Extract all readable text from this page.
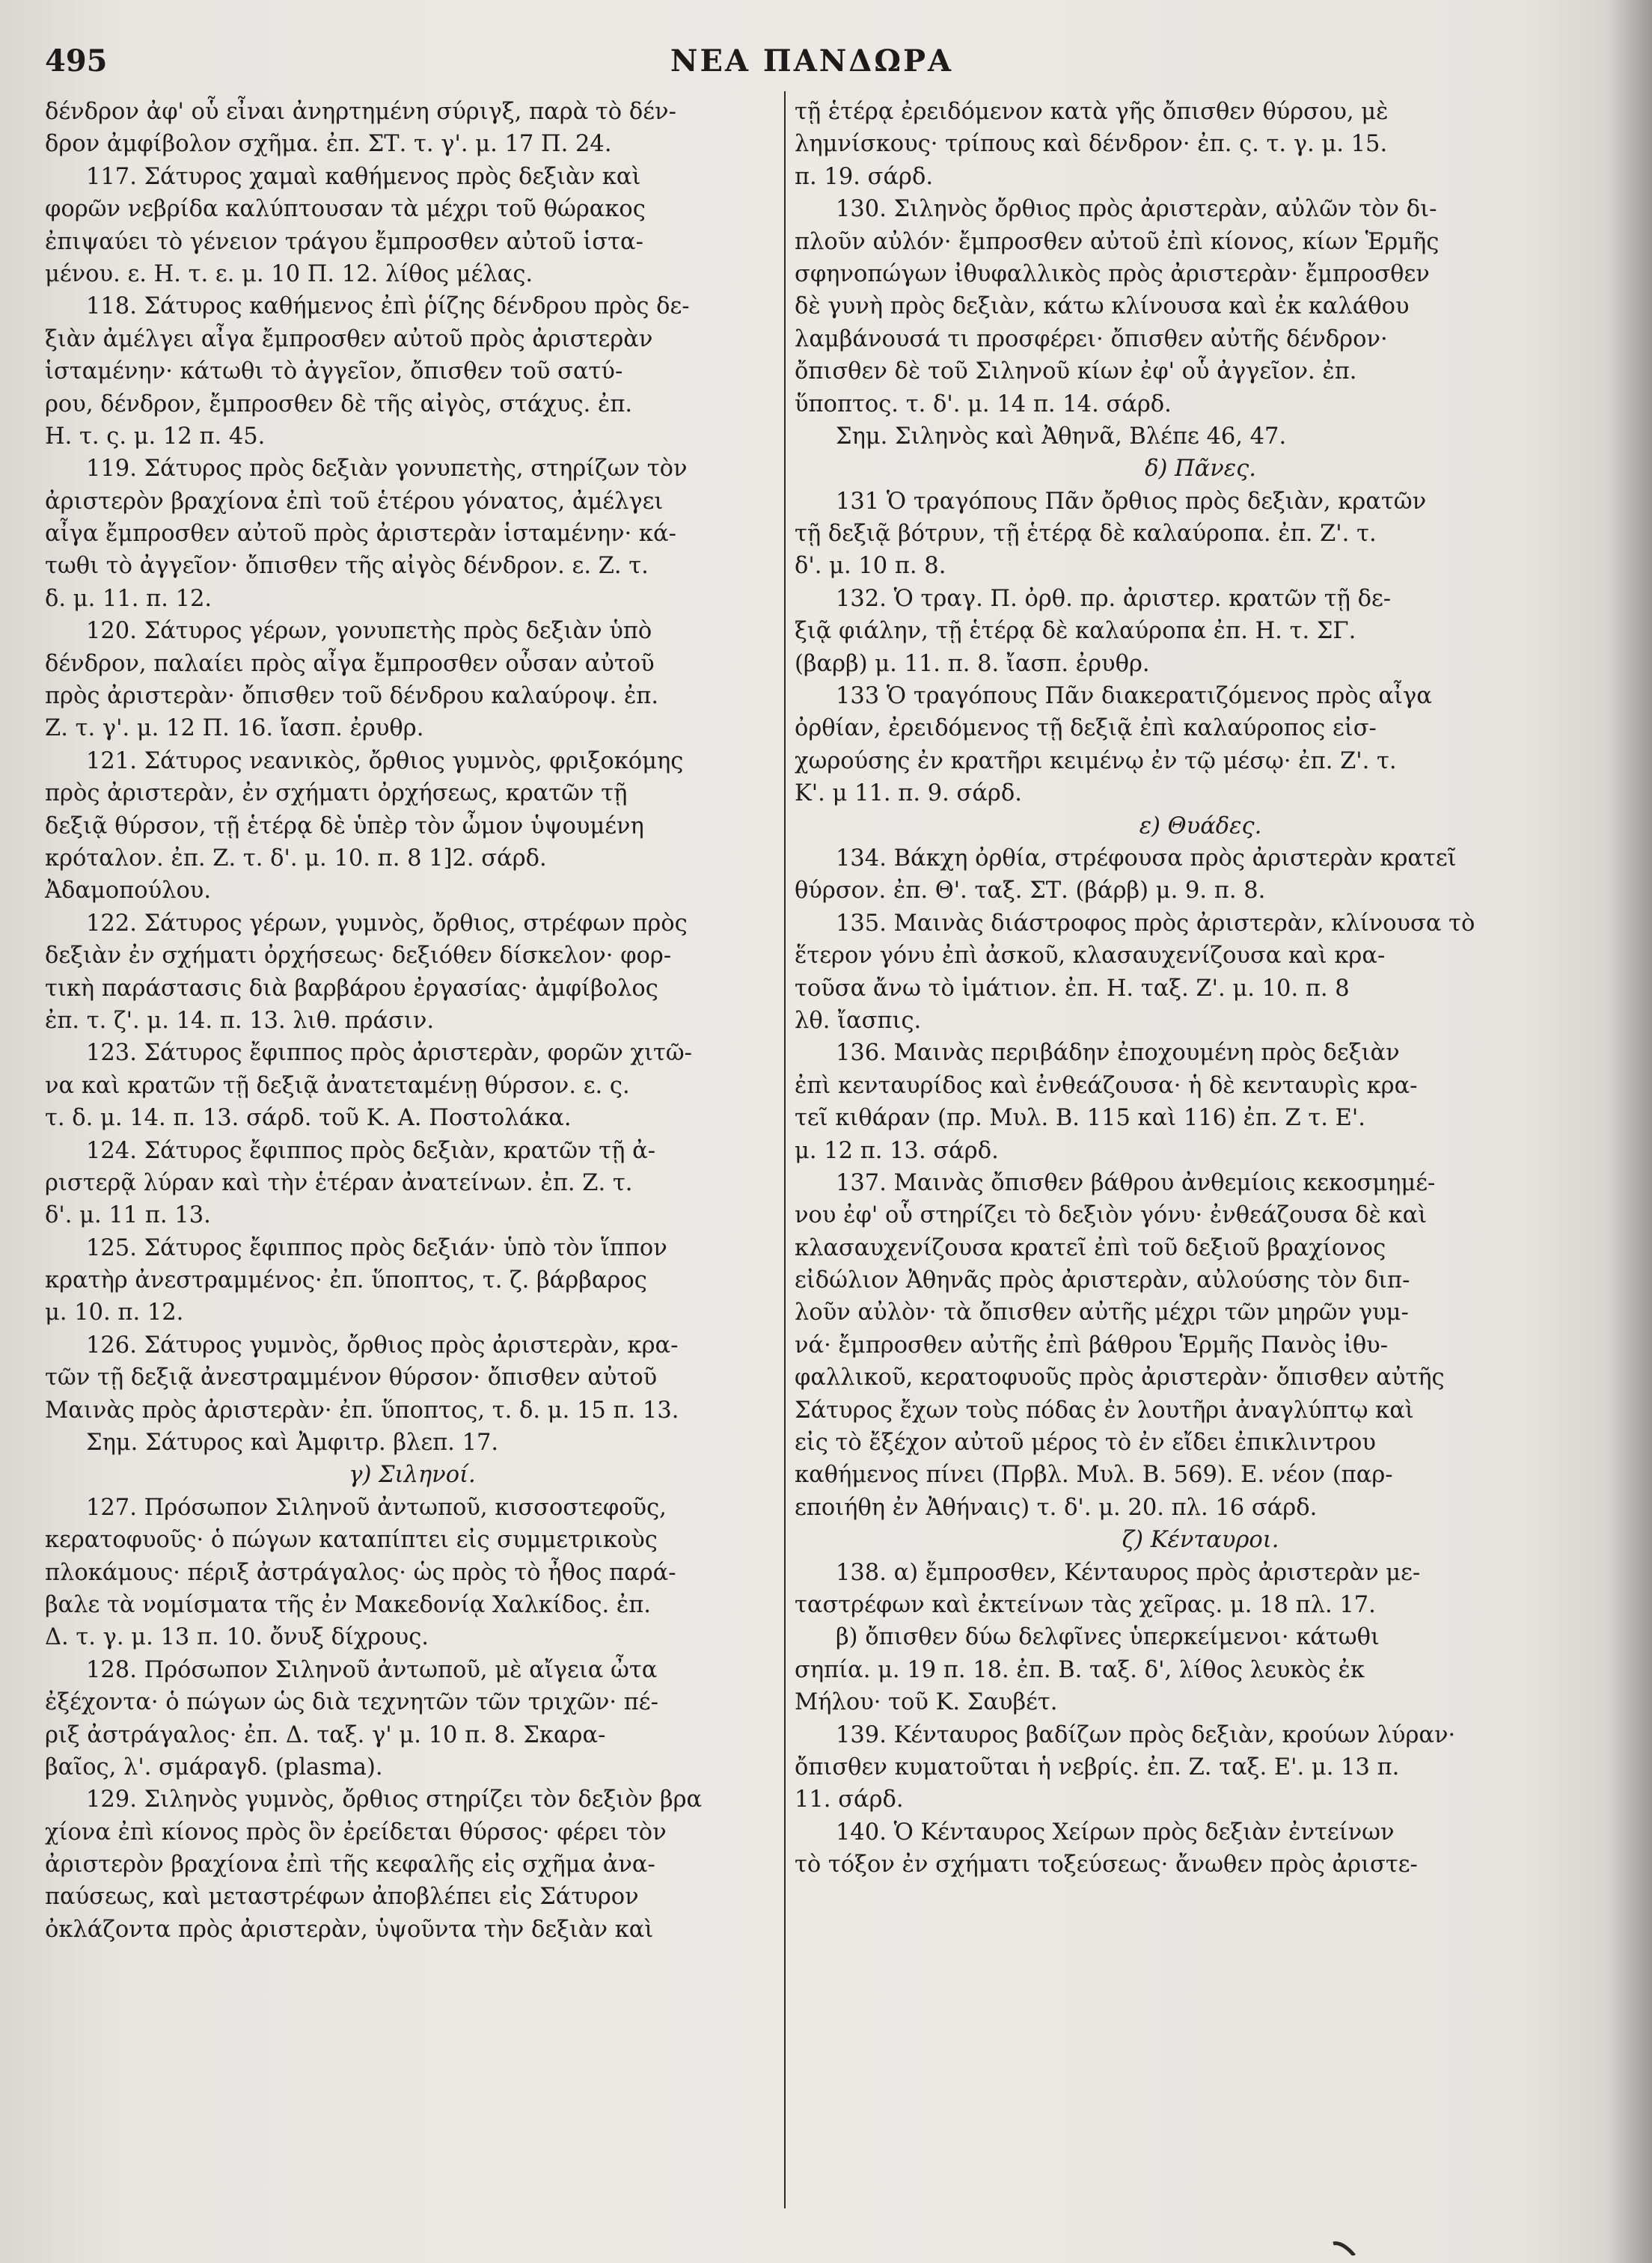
495	ΝΕΑ ΠΑΝΔΩΡΑ
δένδρον ἀφ' οὗ εἶναι ἀνηρτημένη σύριγξ, παρὰ τὸ δέν-
δρον ἀμφίβολον σχῆμα. ἐπ. ΣΤ. τ. γ'. μ. 17 Π. 24.
117. Σάτυρος χαμαὶ καθήμενος πρὸς δεξιὰν καὶ
φορῶν νεβρίδα καλύπτουσαν τὰ μέχρι τοῦ θώρακος
ἐπιψαύει τὸ γένειον τράγου ἔμπροσθεν αὐτοῦ ἱστα-
μένου. ε. Η. τ. ε. μ. 10 Π. 12. λίθος μέλας.
118. Σάτυρος καθήμενος ἐπὶ ῥίζης δένδρου πρὸς δε-
ξιὰν ἀμέλγει αἶγα ἔμπροσθεν αὐτοῦ πρὸς ἀριστερὰν
ἱσταμένην· κάτωθι τὸ ἀγγεῖον, ὄπισθεν τοῦ σατύ-
ρου, δένδρον, ἔμπροσθεν δὲ τῆς αἰγὸς, στάχυς. ἐπ.
Η. τ. ς. μ. 12 π. 45.
119. Σάτυρος πρὸς δεξιὰν γονυπετὴς, στηρίζων τὸν
ἀριστερὸν βραχίονα ἐπὶ τοῦ ἑτέρου γόνατος, ἀμέλγει
αἶγα ἔμπροσθεν αὐτοῦ πρὸς ἀριστερὰν ἱσταμένην· κά-
τωθι τὸ ἀγγεῖον· ὄπισθεν τῆς αἰγὸς δένδρον. ε. Ζ. τ.
δ. μ. 11. π. 12.
120. Σάτυρος γέρων, γονυπετὴς πρὸς δεξιὰν ὑπὸ
δένδρον, παλαίει πρὸς αἶγα ἔμπροσθεν οὖσαν αὐτοῦ
πρὸς ἀριστερὰν· ὄπισθεν τοῦ δένδρου καλαύροψ. ἐπ.
Ζ. τ. γ'. μ. 12 Π. 16. ἴασπ. ἐρυθρ.
121. Σάτυρος νεανικὸς, ὄρθιος γυμνὸς, φριξοκόμης
πρὸς ἀριστερὰν, ἐν σχήματι ὀρχήσεως, κρατῶν τῇ
δεξιᾷ θύρσον, τῇ ἑτέρᾳ δὲ ὑπὲρ τὸν ὦμον ὑψουμένη
κρόταλον. ἐπ. Ζ. τ. δ'. μ. 10. π. 8 1]2. σάρδ.
Ἀδαμοπούλου.
122. Σάτυρος γέρων, γυμνὸς, ὄρθιος, στρέφων πρὸς
δεξιὰν ἐν σχήματι ὀρχήσεως· δεξιόθεν δίσκελον· φορ-
τικὴ παράστασις διὰ βαρβάρου ἐργασίας· ἀμφίβολος
ἐπ. τ. ζ'. μ. 14. π. 13. λιθ. πράσιν.
123. Σάτυρος ἔφιππος πρὸς ἀριστερὰν, φορῶν χιτῶ-
να καὶ κρατῶν τῇ δεξιᾷ ἀνατεταμένῃ θύρσον. ε. ς.
τ. δ. μ. 14. π. 13. σάρδ. τοῦ Κ. Α. Ποστολάκα.
124. Σάτυρος ἔφιππος πρὸς δεξιὰν, κρατῶν τῇ ἀ-
ριστερᾷ λύραν καὶ τὴν ἑτέραν ἀνατείνων. ἐπ. Ζ. τ.
δ'. μ. 11 π. 13.
125. Σάτυρος ἔφιππος πρὸς δεξιάν· ὑπὸ τὸν ἵππον
κρατὴρ ἀνεστραμμένος· ἐπ. ὕποπτος, τ. ζ. βάρβαρος
μ. 10. π. 12.
126. Σάτυρος γυμνὸς, ὄρθιος πρὸς ἀριστερὰν, κρα-
τῶν τῇ δεξιᾷ ἀνεστραμμένον θύρσον· ὄπισθεν αὐτοῦ
Μαινὰς πρὸς ἀριστερὰν· ἐπ. ὕποπτος, τ. δ. μ. 15 π. 13.
Σημ. Σάτυρος καὶ Ἀμφιτρ. βλεπ. 17.
γ) Σιληνοί.
127. Πρόσωπον Σιληνοῦ ἀντωποῦ, κισσοστεφοῦς,
κερατοφυοῦς· ὁ πώγων καταπίπτει εἰς συμμετρικοὺς
πλοκάμους· πέριξ ἀστράγαλος· ὡς πρὸς τὸ ἦθος παρά-
βαλε τὰ νομίσματα τῆς ἐν Μακεδονίᾳ Χαλκίδος. ἐπ.
Δ. τ. γ. μ. 13 π. 10. ὄνυξ δίχρους.
128. Πρόσωπον Σιληνοῦ ἀντωποῦ, μὲ αἴγεια ὦτα
ἐξέχοντα· ὁ πώγων ὡς διὰ τεχνητῶν τῶν τριχῶν· πέ-
ριξ ἀστράγαλος· ἐπ. Δ. ταξ. γ' μ. 10 π. 8. Σκαρα-
βαῖος, λ'. σμάραγδ. (plasma).
129. Σιληνὸς γυμνὸς, ὄρθιος στηρίζει τὸν δεξιὸν βρα
χίονα ἐπὶ κίονος πρὸς ὃν ἐρείδεται θύρσος· φέρει τὸν
ἀριστερὸν βραχίονα ἐπὶ τῆς κεφαλῆς εἰς σχῆμα ἀνα-
παύσεως, καὶ μεταστρέφων ἀποβλέπει εἰς Σάτυρον
ὀκλάζοντα πρὸς ἀριστερὰν, ὑψοῦντα τὴν δεξιὰν καὶ
τῇ ἑτέρᾳ ἐρειδόμενον κατὰ γῆς ὄπισθεν θύρσου, μὲ
λημνίσκους· τρίπους καὶ δένδρον· ἐπ. ς. τ. γ. μ. 15.
π. 19. σάρδ.
130. Σιληνὸς ὄρθιος πρὸς ἀριστερὰν, αὐλῶν τὸν δι-
πλοῦν αὐλόν· ἔμπροσθεν αὐτοῦ ἐπὶ κίονος, κίων Ἑρμῆς
σφηνοπώγων ἰθυφαλλικὸς πρὸς ἀριστερὰν· ἔμπροσθεν
δὲ γυνὴ πρὸς δεξιὰν, κάτω κλίνουσα καὶ ἐκ καλάθου
λαμβάνουσά τι προσφέρει· ὄπισθεν αὐτῆς δένδρον·
ὄπισθεν δὲ τοῦ Σιληνοῦ κίων ἐφ' οὗ ἀγγεῖον. ἐπ.
ὕποπτος. τ. δ'. μ. 14 π. 14. σάρδ.
Σημ. Σιληνὸς καὶ Ἀθηνᾶ, Βλέπε 46, 47.
δ) Πᾶνες.
131 Ὁ τραγόπους Πᾶν ὄρθιος πρὸς δεξιὰν, κρατῶν
τῇ δεξιᾷ βότρυν, τῇ ἑτέρᾳ δὲ καλαύροπα. ἐπ. Ζ'. τ.
δ'. μ. 10 π. 8.
132. Ὁ τραγ. Π. ὀρθ. πρ. ἀριστερ. κρατῶν τῇ δε-
ξιᾷ φιάλην, τῇ ἑτέρᾳ δὲ καλαύροπα ἐπ. Η. τ. ΣΓ.
(βαρβ) μ. 11. π. 8. ἴασπ. ἐρυθρ.
133 Ὁ τραγόπους Πᾶν διακερατιζόμενος πρὸς αἶγα
ὀρθίαν, ἐρειδόμενος τῇ δεξιᾷ ἐπὶ καλαύροπος εἰσ-
χωρούσης ἐν κρατῆρι κειμένῳ ἐν τῷ μέσῳ· ἐπ. Ζ'. τ.
Κ'. μ 11. π. 9. σάρδ.
ε) Θυάδες.
134. Βάκχη ὀρθία, στρέφουσα πρὸς ἀριστερὰν κρατεῖ
θύρσον. ἐπ. Θ'. ταξ. ΣΤ. (βάρβ) μ. 9. π. 8.
135. Μαινὰς διάστροφος πρὸς ἀριστερὰν, κλίνουσα τὸ
ἕτερον γόνυ ἐπὶ ἀσκοῦ, κλασαυχενίζουσα καὶ κρα-
τοῦσα ἄνω τὸ ἱμάτιον. ἐπ. Η. ταξ. Ζ'. μ. 10. π. 8
λθ. ἴασπις.
136. Μαινὰς περιβάδην ἐποχουμένη πρὸς δεξιὰν
ἐπὶ κενταυρίδος καὶ ἐνθεάζουσα· ἡ δὲ κενταυρὶς κρα-
τεῖ κιθάραν (πρ. Μυλ. Β. 115 καὶ 116) ἐπ. Ζ τ. Ε'.
μ. 12 π. 13. σάρδ.
137. Μαινὰς ὄπισθεν βάθρου ἀνθεμίοις κεκοσμημέ-
νου ἐφ' οὗ στηρίζει τὸ δεξιὸν γόνυ· ἐνθεάζουσα δὲ καὶ
κλασαυχενίζουσα κρατεῖ ἐπὶ τοῦ δεξιοῦ βραχίονος
εἰδώλιον Ἀθηνᾶς πρὸς ἀριστερὰν, αὐλούσης τὸν διπ-
λοῦν αὐλὸν· τὰ ὄπισθεν αὐτῆς μέχρι τῶν μηρῶν γυμ-
νά· ἔμπροσθεν αὐτῆς ἐπὶ βάθρου Ἑρμῆς Πανὸς ἰθυ-
φαλλικοῦ, κερατοφυοῦς πρὸς ἀριστερὰν· ὄπισθεν αὐτῆς
Σάτυρος ἔχων τοὺς πόδας ἐν λουτῆρι ἀναγλύπτῳ καὶ
εἰς τὸ ἔξέχον αὐτοῦ μέρος τὸ ἐν εἴδει ἐπικλιντρου
καθήμενος πίνει (Πρβλ. Μυλ. Β. 569). Ε. νέον (παρ-
εποιήθη ἐν Ἀθήναις) τ. δ'. μ. 20. πλ. 16 σάρδ.
ζ) Κένταυροι.
138. α) ἔμπροσθεν, Κένταυρος πρὸς ἀριστερὰν με-
ταστρέφων καὶ ἐκτείνων τὰς χεῖρας. μ. 18 πλ. 17.
β) ὄπισθεν δύω δελφῖνες ὑπερκείμενοι· κάτωθι
σηπία. μ. 19 π. 18. ἐπ. Β. ταξ. δ', λίθος λευκὸς ἐκ
Μήλου· τοῦ Κ. Σαυβέτ.
139. Κένταυρος βαδίζων πρὸς δεξιὰν, κρούων λύραν·
ὄπισθεν κυματοῦται ἡ νεβρίς. ἐπ. Ζ. ταξ. Ε'. μ. 13 π.
11. σάρδ.
140. Ὁ Κένταυρος Χείρων πρὸς δεξιὰν ἐντείνων
τὸ τόξον ἐν σχήματι τοξεύσεως· ἄνωθεν πρὸς ἀριστε-
